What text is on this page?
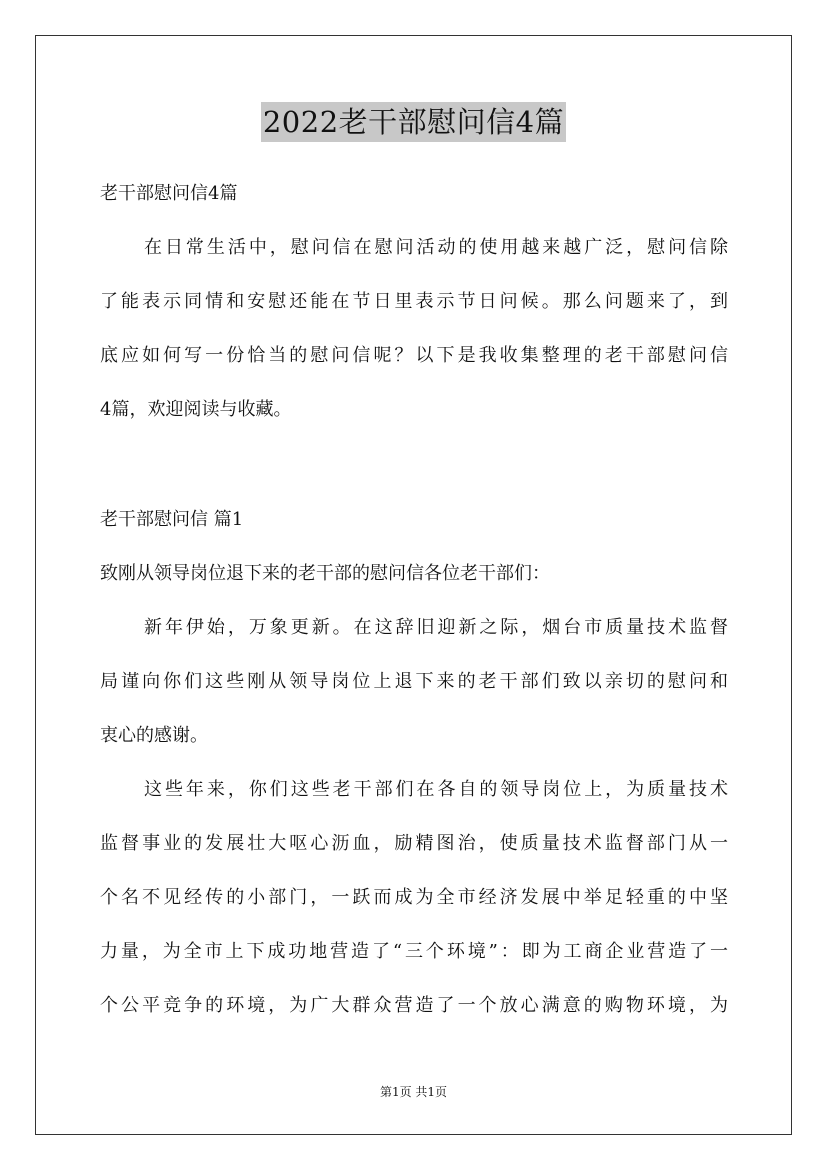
2022老干部慰问信4篇
老干部慰问信4篇
在日常生活中，慰问信在慰问活动的使用越来越广泛，慰问信除
了能表示同情和安慰还能在节日里表示节日问候。那么问题来了，到
底应如何写一份恰当的慰问信呢？以下是我收集整理的老干部慰问信
4篇，欢迎阅读与收藏。
老干部慰问信 篇1
致刚从领导岗位退下来的老干部的慰问信各位老干部们：
新年伊始，万象更新。在这辞旧迎新之际，烟台市质量技术监督
局谨向你们这些刚从领导岗位上退下来的老干部们致以亲切的慰问和
衷心的感谢。
这些年来，你们这些老干部们在各自的领导岗位上，为质量技术
监督事业的发展壮大呕心沥血，励精图治，使质量技术监督部门从一
个名不见经传的小部门，一跃而成为全市经济发展中举足轻重的中坚
力量，为全市上下成功地营造了“三个环境”：即为工商企业营造了一
个公平竞争的环境，为广大群众营造了一个放心满意的购物环境，为
第1页 共1页
